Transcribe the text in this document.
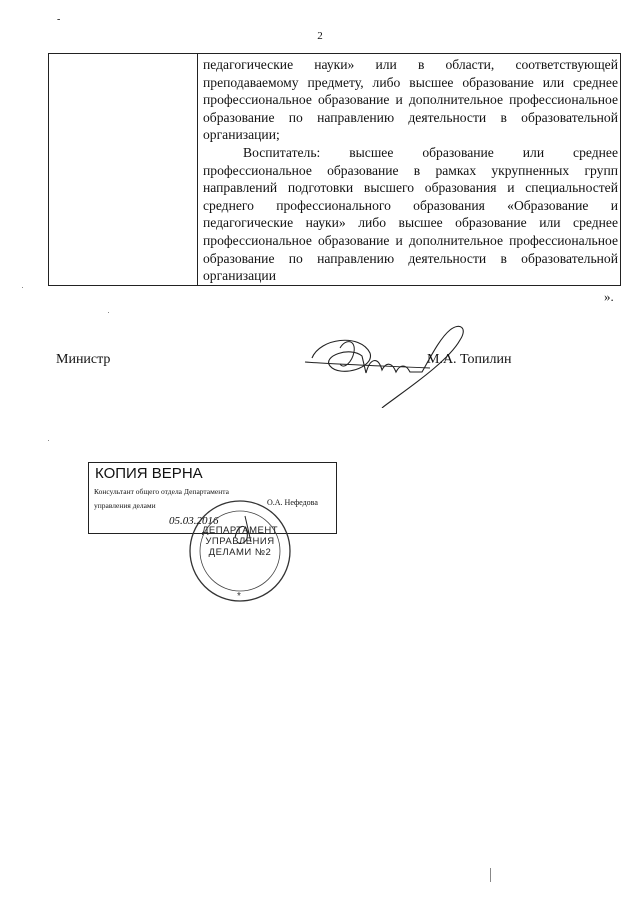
-
2

педагогические науки» или в области, соответствующей преподаваемому предмету, либо высшее образование или среднее профессиональное образование и дополнительное профессиональное образование по направлению деятельности в образовательной организации;

Воспитатель: высшее образование или среднее профессиональное образование в рамках укрупненных групп направлений подготовки высшего образования и специальностей среднего профессионального образования «Образование и педагогические науки» либо высшее образование или среднее профессиональное образование и дополнительное профессиональное образование по направлению деятельности в образовательной организации

».
Министр	М.А. Топилин
КОПИЯ ВЕРНА
Консультант общего отдела Департамента
управления делами	О.А. Нефедова
05.03.2016
*
ДЕПАРТАМЕНТ УПРАВЛЕНИЯ ДЕЛАМИ №2
